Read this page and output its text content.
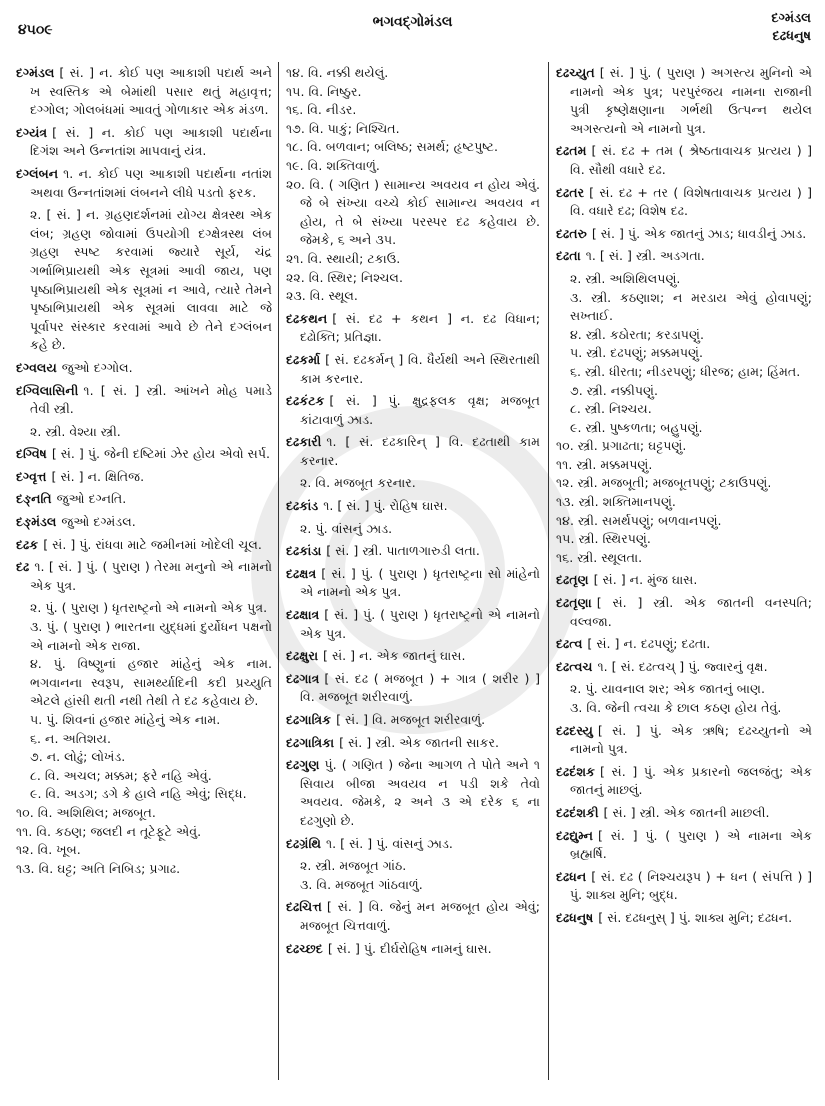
૪૫૦૯	ભગવદ્ગોમંડલ	દગ્મંડલ
દઢધનુષ
દગ્મંડલ [ સં. ] ન. કોઈ પણ આકાશી પદાર્થ અને ખ સ્વસ્તિક એ બેમાંથી પસાર થતું મહાવૃત્ત; દગ્ગોલ; ગોલબંધમાં આવતું ગોળાકાર એક મંડળ.
દગ્યંત્ર [ સં. ] ન. કોઈ પણ આકાશી પદાર્થના દિગંશ અને ઉન્નતાંશ માપવાનું યંત્ર.
દગ્લંબન ૧. ન. કોઈ પણ આકાશી પદાર્થના નતાંશ અથવા ઉન્નતાંશમાં લંબનને લીધે પડતો ફરક.
૨. [ સં. ] ન. ગ્રહણદર્શનમાં યોગ્ય ક્ષેત્રસ્થ એક લંબ; ગ્રહણ જોવામાં ઉપયોગી દગ્ક્ષેત્રસ્થ લંબ ગ્રહણ સ્પષ્ટ કરવામાં જ્યારે સૂર્ય, ચંદ્ર ગર્ભાભિપ્રાયથી એક સૂત્રમાં આવી જાય, પણ પૃષ્ઠાભિપ્રાયથી એક સૂત્રમાં ન આવે, ત્યારે તેમને પૃષ્ઠાભિપ્રાયથી એક સૂત્રમાં લાવવા માટે જે પૂર્વાપર સંસ્કાર કરવામાં આવે છે તેને દગ્લંબન કહે છે.
દગ્વલય જુઓ દગ્ગોલ.
દગ્વિલાસિની ૧. [ સં. ] સ્ત્રી. આંખને મોહ પમાડે તેવી સ્ત્રી.
૨. સ્ત્રી. વેશ્યા સ્ત્રી.
દગ્વિષ [ સં. ] પું. જેની દષ્ટિમાં ઝેર હોય એવો સર્પ.
દગ્વૃત્ત [ સં. ] ન. ક્ષિતિજ.
દઙ્નતિ જુઓ દગ્નતિ.
દઙ્મંડલ જુઓ દગ્મંડલ.
દઢક [ સં. ] પું. રાંધવા માટે જમીનમાં ખોદેલી ચૂલ.
દઢ ૧. [ સં. ] પું. ( પુરાણ ) તેરમા મનુનો એ નામનો એક પુત્ર.
૨. પું. ( પુરાણ ) ધૃતરાષ્ટ્રનો એ નામનો એક પુત્ર.
૩. પું. ( પુરાણ ) ભારતના યુદ્ધમાં દુર્યોધન પક્ષનો એ નામનો એક રાજા.
૪. પું. વિષ્ણુનાં હજાર માંહેનું એક નામ. ભગવાનના સ્વરૂપ, સામર્થ્યાદિની કદી પ્રચ્યુતિ એટલે હાંસી થતી નથી તેથી તે દઢ કહેવાય છે.
૫. પું. શિવનાં હજાર માંહેનું એક નામ.
૬. ન. અતિશય.
૭. ન. લોઢું; લોખંડ.
૮. વિ. અચલ; મક્કમ; ફરે નહિ એવું.
૯. વિ. અડગ; ડગે કે હાલે નહિ એવું; સિદ્ધ.
૧૦. વિ. અશિથિલ; મજબૂત.
૧૧. વિ. કઠણ; જલદી ન તૂટેફૂટે એવું.
૧૨. વિ. ખૂબ.
૧૩. વિ. ઘટ્ટ; અતિ નિબિડ; પ્રગાઢ.
૧૪. વિ. નક્કી થયેલું.
૧૫. વિ. નિષ્ઠુર.
૧૬. વિ. નીડર.
૧૭. વિ. પાકું; નિશ્ચિત.
૧૮. વિ. બળવાન; બલિષ્ઠ; સમર્થ; હૃષ્ટપુષ્ટ.
૧૯. વિ. શક્તિવાળું.
૨૦. વિ. ( ગણિત ) સામાન્ય અવયવ ન હોય એવું. જે બે સંખ્યા વચ્ચે કોઈ સામાન્ય અવયવ ન હોય, તે બે સંખ્યા પરસ્પર દઢ કહેવાય છે. જેમકે, ૬ અને ૩૫.
૨૧. વિ. સ્થાયી; ટકાઉ.
૨૨. વિ. સ્થિર; નિશ્ચલ.
૨૩. વિ. સ્થૂલ.
દઢકથન [ સં. દઢ + કથન ] ન. દઢ વિધાન; દઢોક્તિ; પ્રતિજ્ઞા.
દઢકર્મા [ સં. દઢકર્મન્ ] વિ. ધૈર્યથી અને સ્થિરતાથી કામ કરનાર.
દઢકંટક [ સં. ] પું. ક્ષુદ્રફલક વૃક્ષ; મજબૂત કાંટાવાળું ઝાડ.
દઢકારી ૧. [ સં. દઢકારિન્ ] વિ. દઢતાથી કામ કરનાર.
૨. વિ. મજબૂત કરનાર.
દઢકાંડ ૧. [ સં. ] પું. રોહિષ ઘાસ.
૨. પું. વાંસનું ઝાડ.
દઢકાંડા [ સં. ] સ્ત્રી. પાતાળગારુડી લતા.
દઢક્ષત્ર [ સં. ] પું. ( પુરાણ ) ધૃતરાષ્ટ્રના સો માંહેનો એ નામનો એક પુત્ર.
દઢક્ષાત્ર [ સં. ] પું. ( પુરાણ ) ધૃતરાષ્ટ્રનો એ નામનો એક પુત્ર.
દઢક્ષુરા [ સં. ] ન. એક જાતનું ઘાસ.
દઢગાત્ર [ સં. દઢ ( મજબૂત ) + ગાત્ર ( શરીર ) ] વિ. મજબૂત શરીરવાળું.
દઢગાત્રિક [ સં. ] વિ. મજબૂત શરીરવાળું.
દઢગાત્રિકા [ સં. ] સ્ત્રી. એક જાતની સાકર.
દઢગુણ પું. ( ગણિત ) જેના આગળ તે પોતે અને ૧ સિવાય બીજા અવયવ ન પડી શકે તેવો અવયવ. જેમકે, ૨ અને ૩ એ દરેક ૬ ના દઢગુણો છે.
દઢગ્રંથિ ૧. [ સં. ] પું. વાંસનું ઝાડ.
૨. સ્ત્રી. મજબૂત ગાંઠ.
૩. વિ. મજબૂત ગાંઠવાળું.
દઢચિત્ત [ સં. ] વિ. જેનું મન મજબૂત હોય એવું; મજબૂત ચિત્તવાળું.
દઢચ્છદ [ સં. ] પું. દીર્ઘરોહિષ નામનું ઘાસ.
દઢચ્યુત [ સં. ] પું. ( પુરાણ ) અગસ્ત્ય મુનિનો એ નામનો એક પુત્ર; પરપુરંજય નામના રાજાની પુત્રી કૃષ્ણેક્ષણાના ગર્ભથી ઉત્પન્ન થયેલ અગસ્ત્યનો એ નામનો પુત્ર.
દઢતમ [ સં. દઢ + તમ ( શ્રેષ્ઠતાવાચક પ્રત્યય ) ] વિ. સૌથી વધારે દઢ.
દઢતર [ સં. દઢ + તર ( વિશેષતાવાચક પ્રત્યય ) ] વિ. વધારે દઢ; વિશેષ દઢ.
દઢતરુ [ સં. ] પું. એક જાતનું ઝાડ; ધાવડીનું ઝાડ.
દઢતા ૧. [ સં. ] સ્ત્રી. અડગતા.
૨. સ્ત્રી. અશિથિલપણું.
૩. સ્ત્રી. કઠણાશ; ન મરડાય એવું હોવાપણું; સખ્તાઈ.
૪. સ્ત્રી. કઠોરતા; કરડાપણું.
૫. સ્ત્રી. દઢપણું; મક્કમપણું.
૬. સ્ત્રી. ધીરતા; નીડરપણું; ધીરજ; હામ; હિંમત.
૭. સ્ત્રી. નક્કીપણું.
૮. સ્ત્રી. નિશ્ચય.
૯. સ્ત્રી. પુષ્કળતા; બહુપણું.
૧૦. સ્ત્રી. પ્રગાઢતા; ઘટ્ટપણું.
૧૧. સ્ત્રી. મક્કમપણું.
૧૨. સ્ત્રી. મજબૂતી; મજબૂતપણું; ટકાઉપણું.
૧૩. સ્ત્રી. શક્તિમાનપણું.
૧૪. સ્ત્રી. સમર્થપણું; બળવાનપણું.
૧૫. સ્ત્રી. સ્થિરપણું.
૧૬. સ્ત્રી. સ્થૂલતા.
દઢતૃણ [ સં. ] ન. મુંજ ઘાસ.
દઢતૃણા [ સં. ] સ્ત્રી. એક જાતની વનસ્પતિ; વલ્વજા.
દઢત્વ [ સં. ] ન. દઢપણું; દઢતા.
દઢત્વચ ૧. [ સં. દઢત્વચ્ ] પું. જ્વારનું વૃક્ષ.
૨. પું. યાવનાલ શર; એક જાતનું બાણ.
૩. વિ. જેની ત્વચા કે છાલ કઠણ હોય તેવું.
દઢદસ્યુ [ સં. ] પું. એક ઋષિ; દઢચ્યુતનો એ નામનો પુત્ર.
દઢદંશક [ સં. ] પું. એક પ્રકારનો જલજંતુ; એક જાતનું માછલું.
દઢદંશકી [ સં. ] સ્ત્રી. એક જાતની માછલી.
દઢદ્યુમ્ન [ સં. ] પું. ( પુરાણ ) એ નામના એક બ્રહ્મર્ષિ.
દઢધન [ સં. દઢ ( નિશ્ચયરૂપ ) + ધન ( સંપત્તિ ) ] પું. શાક્ય મુનિ; બુદ્ધ.
દઢધનુષ [ સં. દઢધનુસ્ ] પું. શાક્ય મુનિ; દઢધન.
